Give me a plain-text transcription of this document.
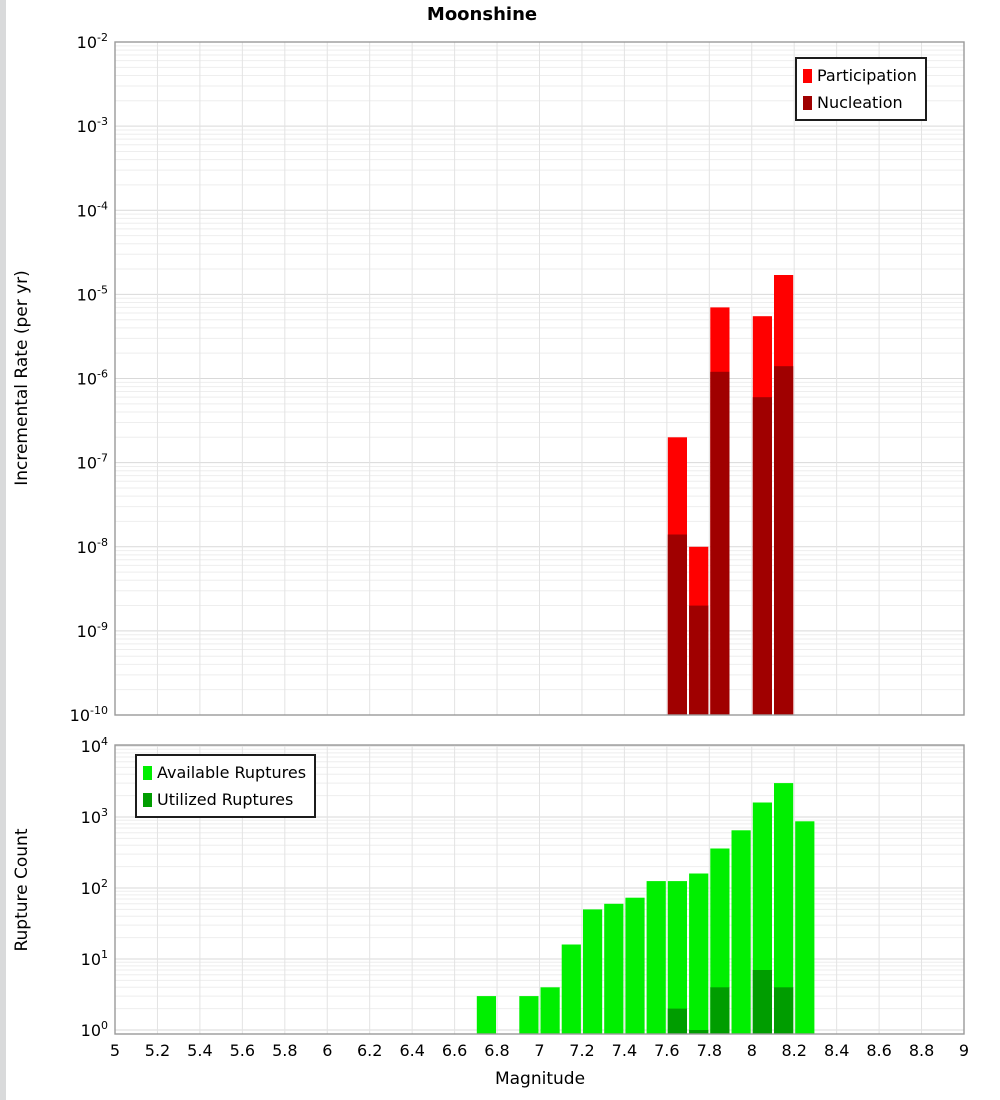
$10^{-2}$
$10^{-3}$
$10^{-4}$
$10^{-5}$
$10^{-6}$
$10^{-7}$
$10^{-8}$
$10^{-9}$
$10^{-10}$
$10^4$
$10^3$
$10^2$
$10^1$
$10^0$
5 5.2 5.4 5.6 5.8 6 6.2 6.4 6.6 6.8 7 7.2 7.4 7.6 7.8 8 8.2 8.4 8.6 8.8 9
Moonshine
Incremental Rate (per yr)
Rupture Count
Magnitude
Participation
Nucleation
Available Ruptures
Utilized Ruptures
